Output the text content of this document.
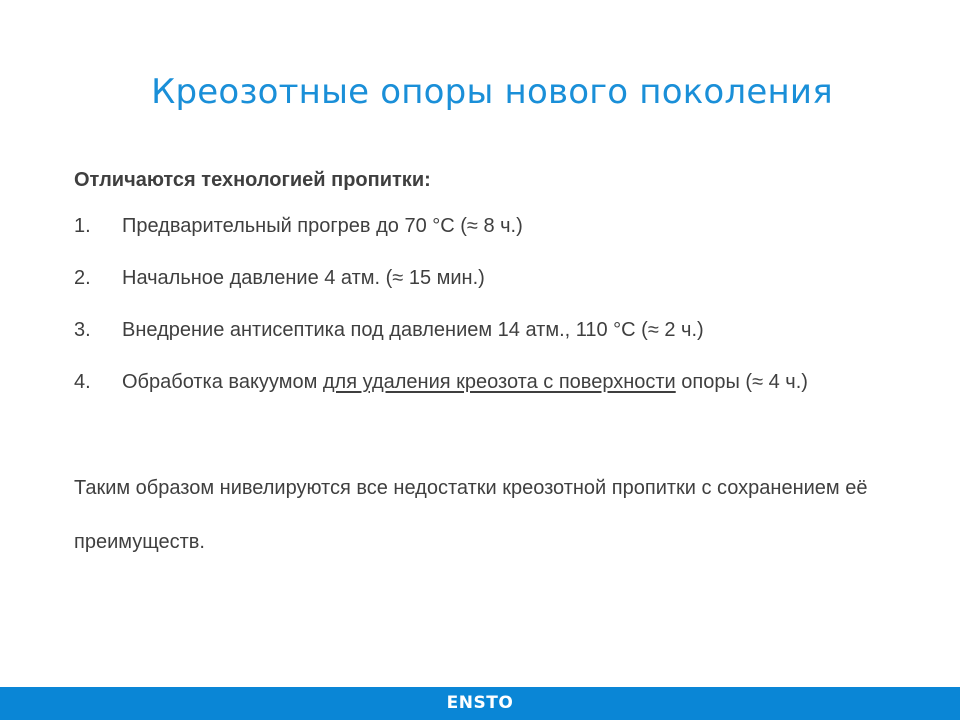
Креозотные опоры нового поколения

Отличаются технологией пропитки:

1.	Предварительный прогрев до 70 °С (≈ 8 ч.)
2.	Начальное давление 4 атм. (≈ 15 мин.)
3.	Внедрение антисептика под давлением 14 атм., 110 °С (≈ 2 ч.)
4.	Обработка вакуумом для удаления креозота с поверхности опоры (≈ 4 ч.)

Таким образом нивелируются все недостатки креозотной пропитки с сохранением её преимуществ.

ENSTO
